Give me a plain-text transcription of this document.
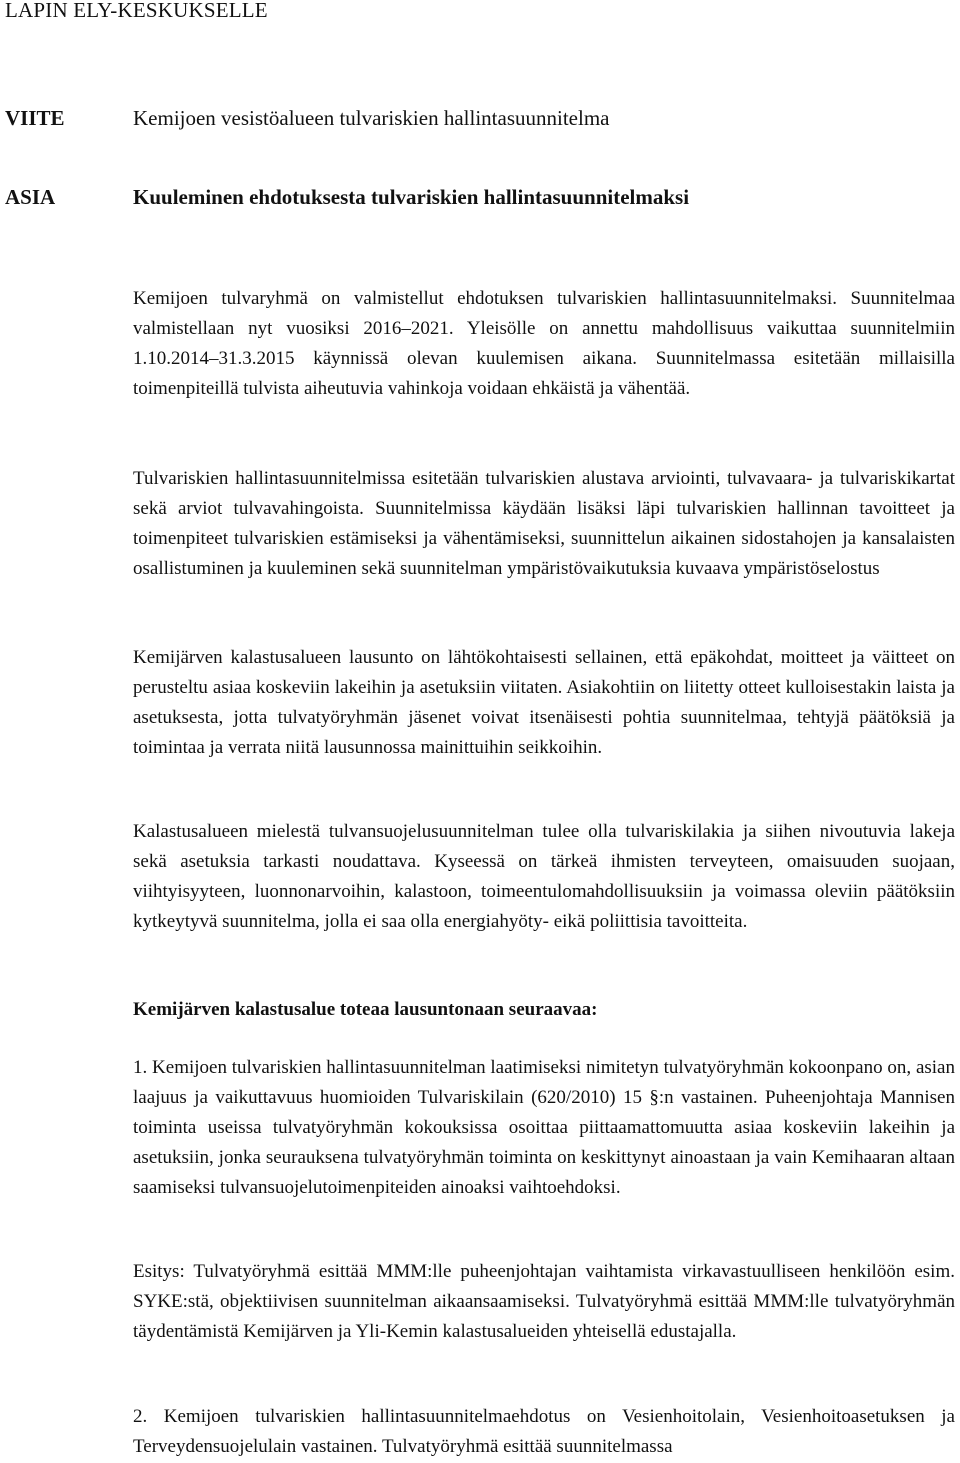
LAPIN ELY-KESKUKSELLE
VIITE	Kemijoen vesistöalueen tulvariskien hallintasuunnitelma
ASIA	Kuuleminen ehdotuksesta tulvariskien hallintasuunnitelmaksi

Kemijoen tulvaryhmä on valmistellut ehdotuksen tulvariskien hallintasuunnitelmaksi. Suunnitelmaa valmistellaan nyt vuosiksi 2016–2021. Yleisölle on annettu mahdollisuus vaikuttaa suunnitelmiin 1.10.2014–31.3.2015 käynnissä olevan kuulemisen aikana. Suunnitelmassa esitetään millaisilla toimenpiteillä tulvista aiheutuvia vahinkoja voidaan ehkäistä ja vähentää.

Tulvariskien hallintasuunnitelmissa esitetään tulvariskien alustava arviointi, tulvavaara- ja tulvariskikartat sekä arviot tulvavahingoista. Suunnitelmissa käydään lisäksi läpi tulvariskien hallinnan tavoitteet ja toimenpiteet tulvariskien estämiseksi ja vähentämiseksi, suunnittelun aikainen sidostahojen ja kansalaisten osallistuminen ja kuuleminen sekä suunnitelman ympäristövaikutuksia kuvaava ympäristöselostus

Kemijärven kalastusalueen lausunto on lähtökohtaisesti sellainen, että epäkohdat, moitteet ja väitteet on perusteltu asiaa koskeviin lakeihin ja asetuksiin viitaten. Asiakohtiin on liitetty otteet kulloisestakin laista ja asetuksesta, jotta tulvatyöryhmän jäsenet voivat itsenäisesti pohtia suunnitelmaa, tehtyjä päätöksiä ja toimintaa ja verrata niitä lausunnossa mainittuihin seikkoihin.

Kalastusalueen mielestä tulvansuojelusuunnitelman tulee olla tulvariskilakia ja siihen nivoutuvia lakeja sekä asetuksia tarkasti noudattava. Kyseessä on tärkeä ihmisten terveyteen, omaisuuden suojaan, viihtyisyyteen, luonnonarvoihin, kalastoon, toimeentulomahdollisuuksiin ja voimassa oleviin päätöksiin kytkeytyvä suunnitelma, jolla ei saa olla energiahyöty- eikä poliittisia tavoitteita.

Kemijärven kalastusalue toteaa lausuntonaan seuraavaa:

1. Kemijoen tulvariskien hallintasuunnitelman laatimiseksi nimitetyn tulvatyöryhmän kokoonpano on, asian laajuus ja vaikuttavuus huomioiden Tulvariskilain (620/2010) 15 §:n vastainen. Puheenjohtaja Mannisen toiminta useissa tulvatyöryhmän kokouksissa osoittaa piittaamattomuutta asiaa koskeviin lakeihin ja asetuksiin, jonka seurauksena tulvatyöryhmän toiminta on keskittynyt ainoastaan ja vain Kemihaaran altaan saamiseksi tulvansuojelutoimenpiteiden ainoaksi vaihtoehdoksi.

Esitys: Tulvatyöryhmä esittää MMM:lle puheenjohtajan vaihtamista virkavastuulliseen henkilöön esim. SYKE:stä, objektiivisen suunnitelman aikaansaamiseksi. Tulvatyöryhmä esittää MMM:lle tulvatyöryhmän täydentämistä Kemijärven ja Yli-Kemin kalastusalueiden yhteisellä edustajalla.

2. Kemijoen tulvariskien hallintasuunnitelmaehdotus on Vesienhoitolain, Vesienhoitoasetuksen ja Terveydensuojelulain vastainen. Tulvatyöryhmä esittää suunnitelmassa
